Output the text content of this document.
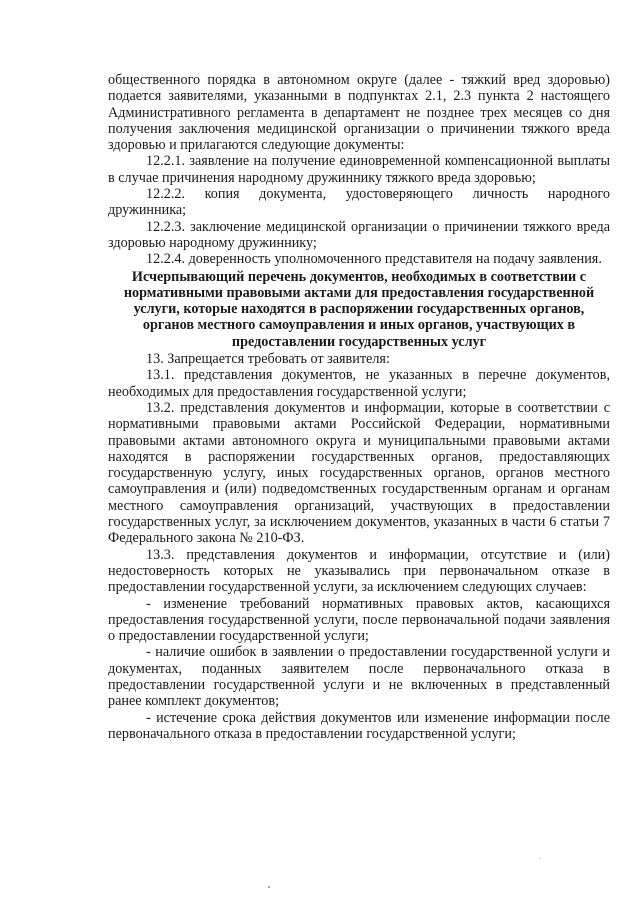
общественного порядка в автономном округе (далее - тяжкий вред здоровью) подается заявителями, указанными в подпунктах 2.1, 2.3 пункта 2 настоящего Административного регламента в департамент не позднее трех месяцев со дня получения заключения медицинской организации о причинении тяжкого вреда здоровью и прилагаются следующие документы:

12.2.1. заявление на получение единовременной компенсационной выплаты в случае причинения народному дружиннику тяжкого вреда здоровью;

12.2.2. копия документа, удостоверяющего личность народного дружинника;

12.2.3. заключение медицинской организации о причинении тяжкого вреда здоровью народному дружиннику;

12.2.4. доверенность уполномоченного представителя на подачу заявления.

Исчерпывающий перечень документов, необходимых в соответствии с нормативными правовыми актами для предоставления государственной услуги, которые находятся в распоряжении государственных органов, органов местного самоуправления и иных органов, участвующих в предоставлении государственных услуг

13. Запрещается требовать от заявителя:

13.1. представления документов, не указанных в перечне документов, необходимых для предоставления государственной услуги;

13.2. представления документов и информации, которые в соответствии с нормативными правовыми актами Российской Федерации, нормативными правовыми актами автономного округа и муниципальными правовыми актами находятся в распоряжении государственных органов, предоставляющих государственную услугу, иных государственных органов, органов местного самоуправления и (или) подведомственных государственным органам и органам местного самоуправления организаций, участвующих в предоставлении государственных услуг, за исключением документов, указанных в части 6 статьи 7 Федерального закона № 210-ФЗ.

13.3. представления документов и информации, отсутствие и (или) недостоверность которых не указывались при первоначальном отказе в предоставлении государственной услуги, за исключением следующих случаев:

- изменение требований нормативных правовых актов, касающихся предоставления государственной услуги, после первоначальной подачи заявления о предоставлении государственной услуги;

- наличие ошибок в заявлении о предоставлении государственной услуги и документах, поданных заявителем после первоначального отказа в предоставлении государственной услуги и не включенных в представленный ранее комплект документов;

- истечение срока действия документов или изменение информации после первоначального отказа в предоставлении государственной услуги;
